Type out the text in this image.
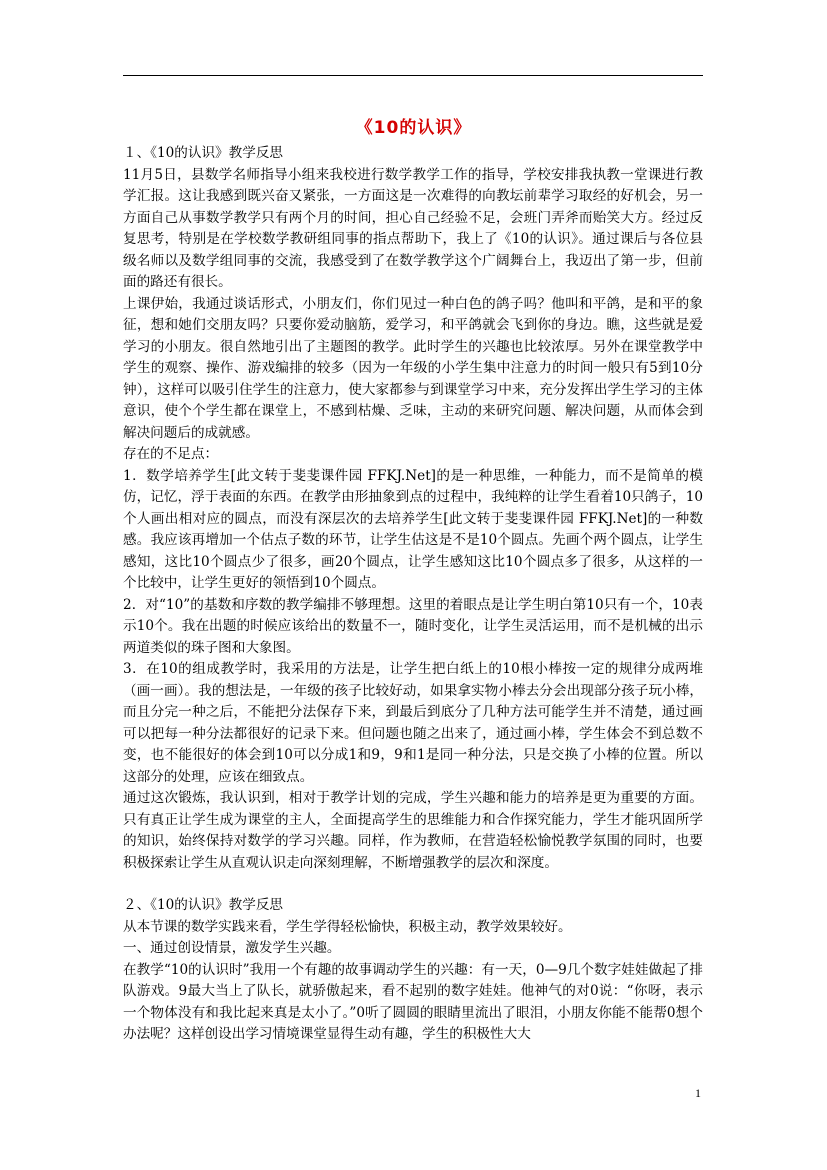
《10的认识》

１、《10的认识》教学反思

11月5日，县数学名师指导小组来我校进行数学教学工作的指导，学校安排我执教一堂课进行教学汇报。这让我感到既兴奋又紧张，一方面这是一次难得的向教坛前辈学习取经的好机会，另一方面自己从事数学教学只有两个月的时间，担心自己经验不足，会班门弄斧而贻笑大方。经过反复思考，特别是在学校数学教研组同事的指点帮助下，我上了《10的认识》。通过课后与各位县级名师以及数学组同事的交流，我感受到了在数学教学这个广阔舞台上，我迈出了第一步，但前面的路还有很长。

上课伊始，我通过谈话形式，小朋友们，你们见过一种白色的鸽子吗？他叫和平鸽，是和平的象征，想和她们交朋友吗？只要你爱动脑筋，爱学习，和平鸽就会飞到你的身边。瞧，这些就是爱学习的小朋友。很自然地引出了主题图的教学。此时学生的兴趣也比较浓厚。另外在课堂教学中学生的观察、操作、游戏编排的较多（因为一年级的小学生集中注意力的时间一般只有5到10分钟），这样可以吸引住学生的注意力，使大家都参与到课堂学习中来，充分发挥出学生学习的主体意识，使个个学生都在课堂上，不感到枯燥、乏味，主动的来研究问题、解决问题，从而体会到解决问题后的成就感。

存在的不足点：

1．数学培养学生[此文转于斐斐课件园 FFKJ.Net]的是一种思维，一种能力，而不是简单的模仿，记忆，浮于表面的东西。在教学由形抽象到点的过程中，我纯粹的让学生看着10只鸽子，10个人画出相对应的圆点，而没有深层次的去培养学生[此文转于斐斐课件园 FFKJ.Net]的一种数感。我应该再增加一个估点子数的环节，让学生估这是不是10个圆点。先画个两个圆点，让学生感知，这比10个圆点少了很多，画20个圆点，让学生感知这比10个圆点多了很多，从这样的一个比较中，让学生更好的领悟到10个圆点。

2．对“10”的基数和序数的教学编排不够理想。这里的着眼点是让学生明白第10只有一个，10表示10个。我在出题的时候应该给出的数量不一，随时变化，让学生灵活运用，而不是机械的出示两道类似的珠子图和大象图。

3．在10的组成教学时，我采用的方法是，让学生把白纸上的10根小棒按一定的规律分成两堆（画一画）。我的想法是，一年级的孩子比较好动，如果拿实物小棒去分会出现部分孩子玩小棒，而且分完一种之后，不能把分法保存下来，到最后到底分了几种方法可能学生并不清楚，通过画可以把每一种分法都很好的记录下来。但问题也随之出来了，通过画小棒，学生体会不到总数不变，也不能很好的体会到10可以分成1和9，9和1是同一种分法，只是交换了小棒的位置。所以这部分的处理，应该在细致点。

通过这次锻炼，我认识到，相对于教学计划的完成，学生兴趣和能力的培养是更为重要的方面。只有真正让学生成为课堂的主人，全面提高学生的思维能力和合作探究能力，学生才能巩固所学的知识，始终保持对数学的学习兴趣。同样，作为教师，在营造轻松愉悦教学氛围的同时，也要积极探索让学生从直观认识走向深刻理解，不断增强教学的层次和深度。

２、《10的认识》教学反思

从本节课的数学实践来看，学生学得轻松愉快，积极主动，教学效果较好。

一、通过创设情景，激发学生兴趣。

在教学“10的认识时”我用一个有趣的故事调动学生的兴趣：有一天，0—9几个数字娃娃做起了排队游戏。9最大当上了队长，就骄傲起来，看不起别的数字娃娃。他神气的对0说：“你呀，表示一个物体没有和我比起来真是太小了。”0听了圆圆的眼睛里流出了眼泪，小朋友你能不能帮0想个办法呢？这样创设出学习情境课堂显得生动有趣，学生的积极性大大

1
